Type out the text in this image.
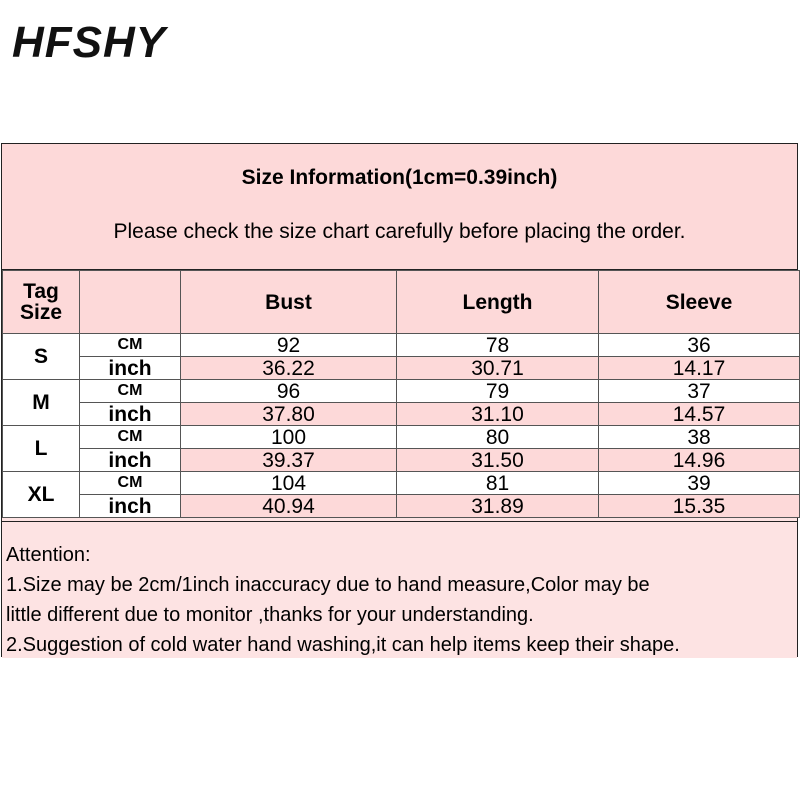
HFSHY
Size Information(1cm=0.39inch)
Please check the size chart carefully before placing the order.
Tag
Size		Bust	Length	Sleeve
S	CM	92	78	36
	inch	36.22	30.71	14.17
M	CM	96	79	37
	inch	37.80	31.10	14.57
L	CM	100	80	38
	inch	39.37	31.50	14.96
XL	CM	104	81	39
	inch	40.94	31.89	15.35
Attention:
1.Size may be 2cm/1inch inaccuracy due to hand measure,Color may be
little different due to monitor ,thanks for your understanding.
2.Suggestion of cold water hand washing,it can help items keep their shape.
